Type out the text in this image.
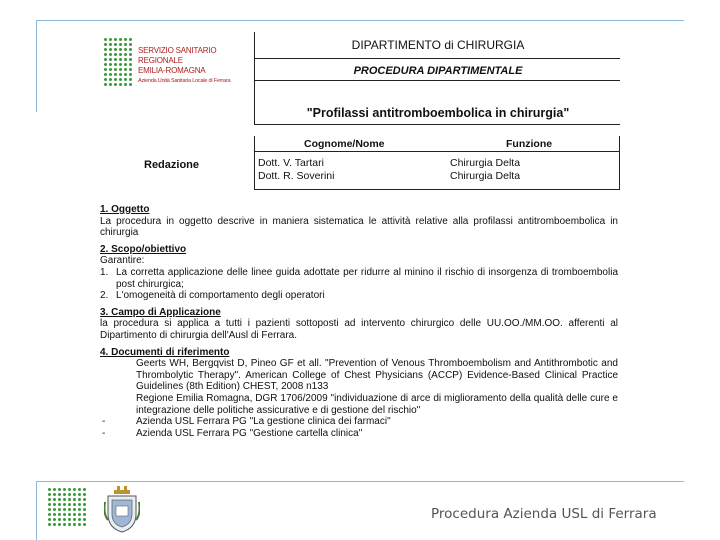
SERVIZIO SANITARIO REGIONALE
EMILIA-ROMAGNA
Azienda Unità Sanitaria Locale di Ferrara
DIPARTIMENTO di CHIRURGIA
PROCEDURA DIPARTIMENTALE
"Profilassi antitromboembolica in chirurgia"
Cognome/Nome	Funzione
Redazione	Dott. V. Tartari	Chirurgia Delta
Dott. R. Soverini	Chirurgia Delta
1. Oggetto
La procedura in oggetto descrive in maniera sistematica le attività relative alla profilassi antitromboembolica in chirurgia
2. Scopo/obiettivo
Garantire:
1. La corretta applicazione delle linee guida adottate per ridurre al minino il rischio di insorgenza di tromboembolia post chirurgica;
2. L'omogeneità di comportamento degli operatori
3. Campo di Applicazione
la procedura si applica a tutti i pazienti sottoposti ad intervento chirurgico delle UU.OO./MM.OO. afferenti al Dipartimento di chirurgia dell'Ausl di Ferrara.
4. Documenti di riferimento
Geerts WH, Bergqvist D, Pineo GF et all. "Prevention of Venous Thromboembolism and Antithrombotic and Thrombolytic Therapy". American College of Chest Physicians (ACCP) Evidence-Based Clinical Practice Guidelines (8th Edition) CHEST, 2008 n133
Regione Emilia Romagna, DGR 1706/2009 "individuazione di arce di miglioramento della qualità delle cure e integrazione delle politiche assicurative e di gestione del rischio"
-	Azienda USL Ferrara PG "La gestione clinica dei farmaci"
-	Azienda USL Ferrara PG "Gestione cartella clinica"
Procedura Azienda USL di Ferrara
